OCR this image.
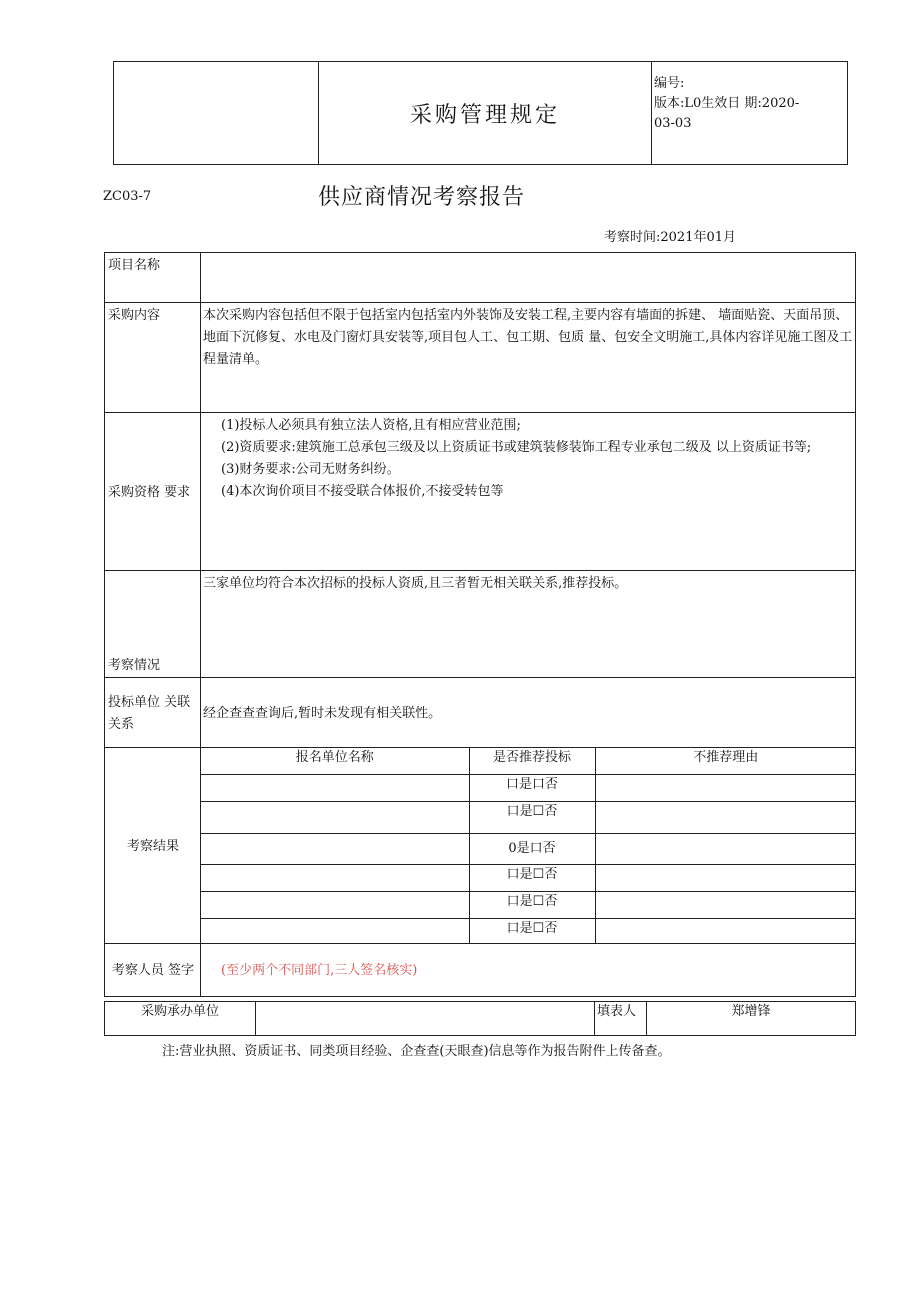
	采购管理规定	
编号:
版本:L0生效日 期:2020-
03-03
ZC03-7	供应商情况考察报告
考察时间:2021年01月
项目名称	
采购内容	本次采购内容包括但不限于包括室内包括室内外装饰及安装工程,主要内容有墙面的拆建、 墙面贴瓷、天面吊顶、地面下沉修复、水电及门窗灯具安装等,项目包人工、包工期、包质 量、包安全文明施工,具体内容详见施工图及工程量清单。
采购资格 要求	
(1)投标人必须具有独立法人资格,且有相应营业范围;
(2)资质要求:建筑施工总承包三级及以上资质证书或建筑装修装饰工程专业承包二级及 以上资质证书等;
(3)财务要求:公司无财务纠纷。
(4)本次询价项目不接受联合体报价,不接受转包等

考察情况	三家单位均符合本次招标的投标人资质,且三者暂无相关联关系,推荐投标。
投标单位 关联关系	经企查查查询后,暂时未发现有相关联性。
考察结果	
报名单位名称	是否推荐投标	不推荐理由
	口是口否	
	口是☐否	
	0是口否	
	口是☐否	
	口是☐否	
	口是☐否	

考察人员 签字	(至少两个不同部门,三人签名核实)
采购承办单位		填表人	郑增锋
注:营业执照、资质证书、同类项目经验、企查查(天眼查)信息等作为报告附件上传备查。
